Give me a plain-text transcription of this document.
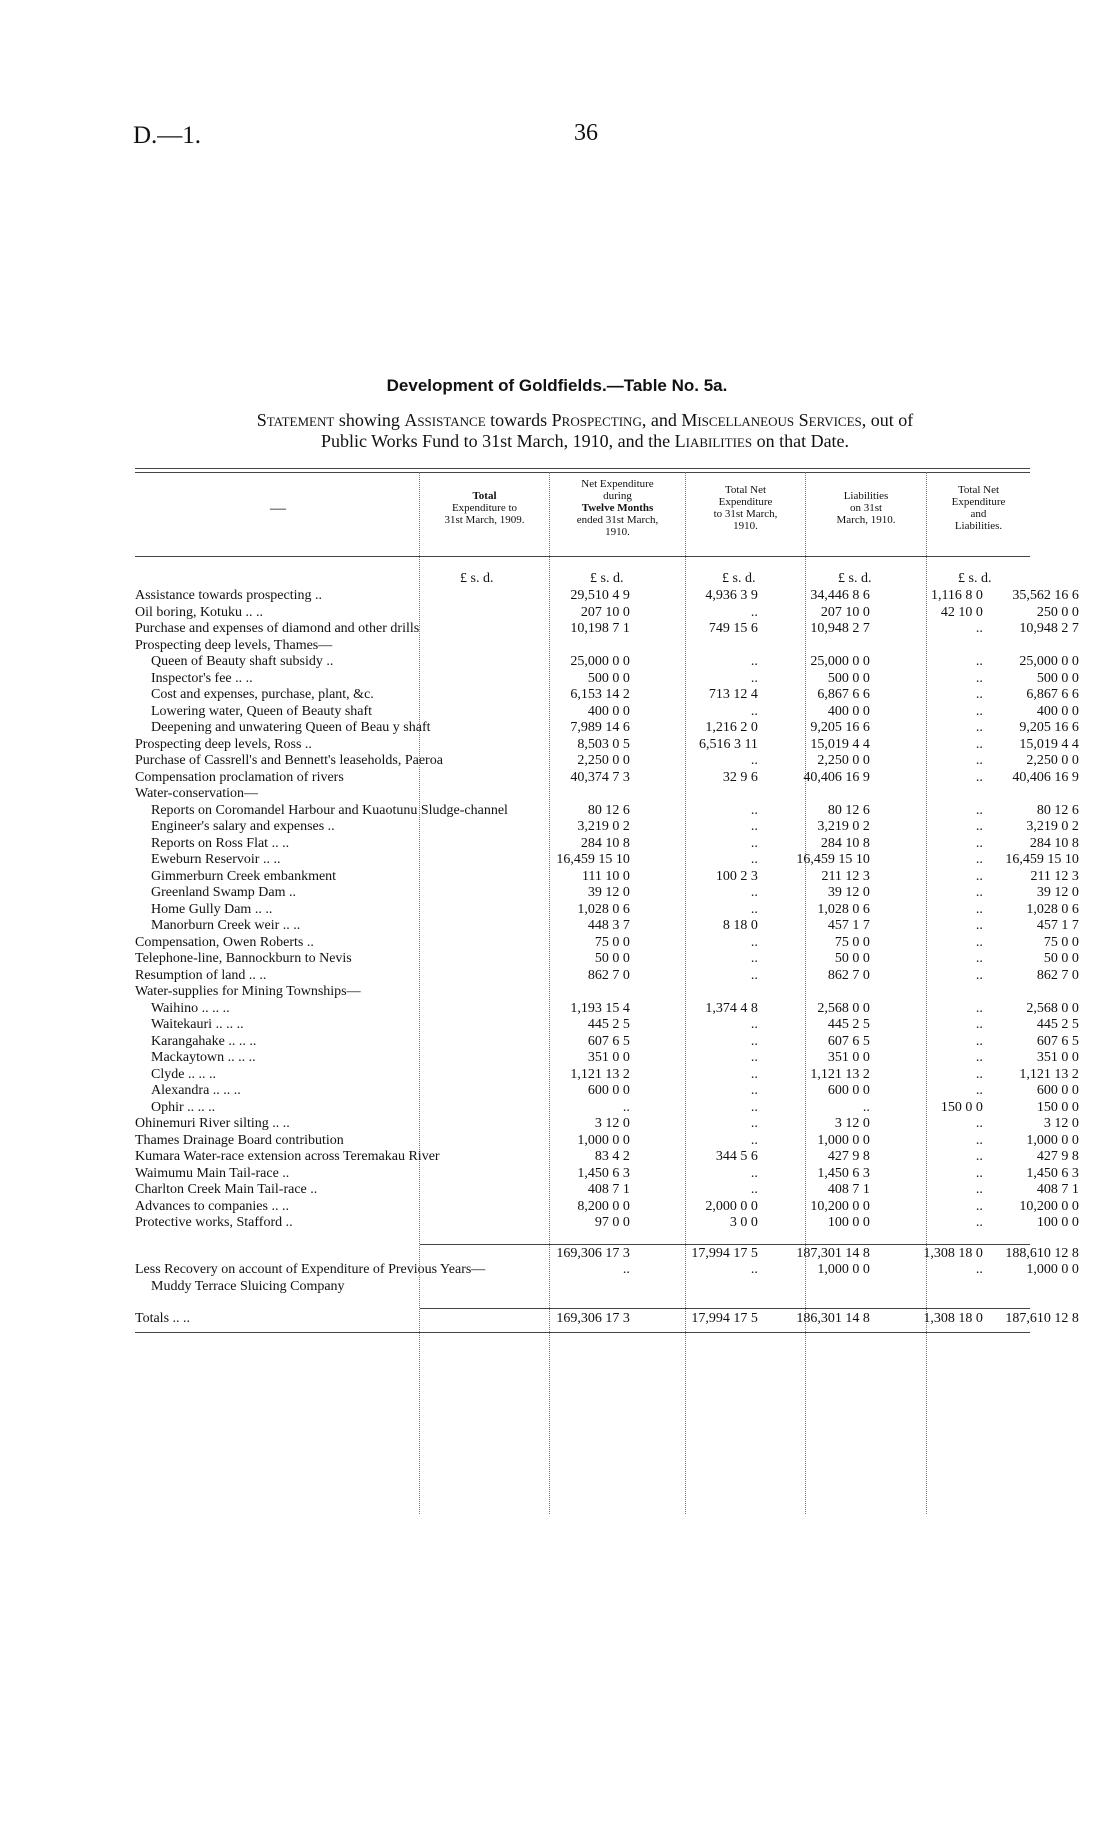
D.—1.	36
Development of Goldfields.—Table No. 5a.
Statement showing Assistance towards Prospecting, and Miscellaneous Services, out of
Public Works Fund to 31st March, 1910, and the Liabilities on that Date.
—
Total
Expenditure to
31st March, 1909.
Net Expenditure
during
Twelve Months
ended 31st March,
1910.
Total Net
Expenditure
to 31st March,
1910.
Liabilities
on 31st
March, 1910.
Total Net
Expenditure
and
Liabilities.
£ s. d.	£ s. d.	£ s. d.	£ s. d.	£ s. d.
Assistance towards prospecting ..	29,510 4 9	4,936 3 9	34,446 8 6	1,116 8 0	35,562 16 6
Oil boring, Kotuku .. ..	207 10 0	..	207 10 0	42 10 0	250 0 0
Purchase and expenses of diamond and other drills	10,198 7 1	749 15 6	10,948 2 7	..	10,948 2 7
Prospecting deep levels, Thames—					

Queen of Beauty shaft subsidy ..	25,000 0 0	..	25,000 0 0	..	25,000 0 0

Inspector's fee .. ..	500 0 0	..	500 0 0	..	500 0 0

Cost and expenses, purchase, plant, &c.	6,153 14 2	713 12 4	6,867 6 6	..	6,867 6 6

Lowering water, Queen of Beauty shaft	400 0 0	..	400 0 0	..	400 0 0

Deepening and unwatering Queen of Beau y shaft	7,989 14 6	1,216 2 0	9,205 16 6	..	9,205 16 6
Prospecting deep levels, Ross ..	8,503 0 5	6,516 3 11	15,019 4 4	..	15,019 4 4
Purchase of Cassrell's and Bennett's leaseholds, Paeroa	2,250 0 0	..	2,250 0 0	..	2,250 0 0
Compensation proclamation of rivers	40,374 7 3	32 9 6	40,406 16 9	..	40,406 16 9
Water-conservation—					

Reports on Coromandel Harbour and Kuaotunu Sludge-channel	80 12 6	..	80 12 6	..	80 12 6

Engineer's salary and expenses ..	3,219 0 2	..	3,219 0 2	..	3,219 0 2

Reports on Ross Flat .. ..	284 10 8	..	284 10 8	..	284 10 8

Eweburn Reservoir .. ..	16,459 15 10	..	16,459 15 10	..	16,459 15 10

Gimmerburn Creek embankment	111 10 0	100 2 3	211 12 3	..	211 12 3

Greenland Swamp Dam ..	39 12 0	..	39 12 0	..	39 12 0

Home Gully Dam .. ..	1,028 0 6	..	1,028 0 6	..	1,028 0 6

Manorburn Creek weir .. ..	448 3 7	8 18 0	457 1 7	..	457 1 7
Compensation, Owen Roberts ..	75 0 0	..	75 0 0	..	75 0 0
Telephone-line, Bannockburn to Nevis	50 0 0	..	50 0 0	..	50 0 0
Resumption of land .. ..	862 7 0	..	862 7 0	..	862 7 0
Water-supplies for Mining Townships—					

Waihino .. .. ..	1,193 15 4	1,374 4 8	2,568 0 0	..	2,568 0 0

Waitekauri .. .. ..	445 2 5	..	445 2 5	..	445 2 5

Karangahake .. .. ..	607 6 5	..	607 6 5	..	607 6 5

Mackaytown .. .. ..	351 0 0	..	351 0 0	..	351 0 0

Clyde .. .. ..	1,121 13 2	..	1,121 13 2	..	1,121 13 2

Alexandra .. .. ..	600 0 0	..	600 0 0	..	600 0 0

Ophir .. .. ..	..	..	..	150 0 0	150 0 0
Ohinemuri River silting .. ..	3 12 0	..	3 12 0	..	3 12 0
Thames Drainage Board contribution	1,000 0 0	..	1,000 0 0	..	1,000 0 0
Kumara Water-race extension across Teremakau River	83 4 2	344 5 6	427 9 8	..	427 9 8
Waimumu Main Tail-race ..	1,450 6 3	..	1,450 6 3	..	1,450 6 3
Charlton Creek Main Tail-race ..	408 7 1	..	408 7 1	..	408 7 1
Advances to companies .. ..	8,200 0 0	2,000 0 0	10,200 0 0	..	10,200 0 0
Protective works, Stafford ..	97 0 0	3 0 0	100 0 0	..	100 0 0

	169,306 17 3	17,994 17 5	187,301 14 8	1,308 18 0	188,610 12 8
Less Recovery on account of Expenditure of Previous Years—
Muddy Terrace Sluicing Company	..	..	1,000 0 0	..	1,000 0 0

Totals .. ..	169,306 17 3	17,994 17 5	186,301 14 8	1,308 18 0	187,610 12 8
